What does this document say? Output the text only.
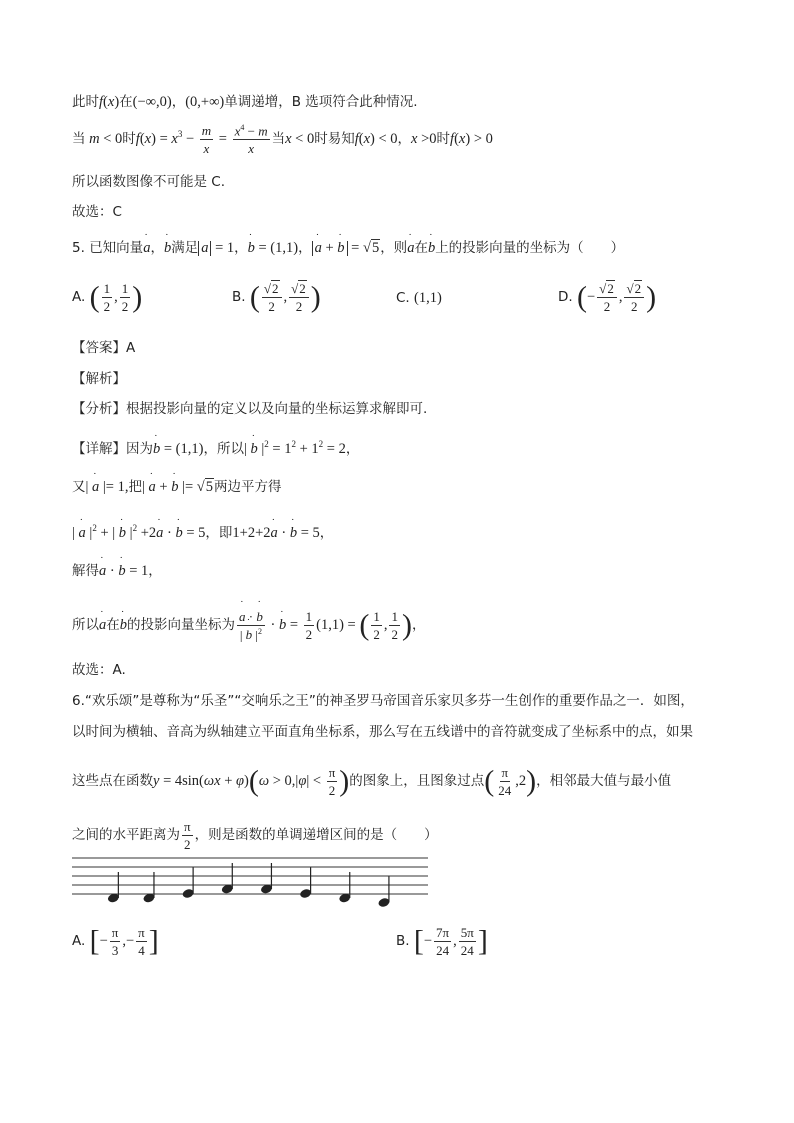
此时f(x)在(−∞,0)，(0,+∞)单调递增，B 选项符合此种情况.
当 m < 0时$f(x) = x^3 - \frac{m}{x} = \frac{x^4 - m}{x}$ 当x < 0时易知f(x) < 0，x >0时f(x) > 0
所以函数图像不可能是 C.
故选：C
5. 已知向量˙ a，˙ b满足 a = 1，˙ b = (1,1)， ˙ a + ˙ b = √5，则˙ a在˙ b上的投影向量的坐标为（　　）
A. ( $\frac{1}{2}$ , $\frac{1}{2}$ )	B. ( $\frac{√2}{2}$ , $\frac{√2}{2}$ )	C. (1,1)	D. (− $\frac{√2}{2}$ , $\frac{√2}{2}$ )
【答案】A
【解析】
【分析】根据投影向量的定义以及向量的坐标运算求解即可.
【详解】因为˙ b = (1,1)，所以| ˙ b $|^2 = 1^2 + 1^2 = 2$，
又| ˙ a |= 1,把| ˙ a + ˙ b |= √5两边平方得
| ˙ a $|^2$ + | ˙ b $|^2$ +2˙ a · ˙ b = 5，即1+2+2˙ a · ˙ b = 5，
解得˙ a · ˙ b = 1，
所以˙ a在˙ b的投影向量坐标为 ˙ $\frac{a \cdot ˙ b}{| ˙ b |^2}$ · ˙ $b = \frac{1}{2} (1,1)$ = ( $\frac{1}{2}$ , $\frac{1}{2}$ )，
故选：A.
6.“欢乐颂”是尊称为“乐圣”“交响乐之王”的神圣罗马帝国音乐家贝多芬一生创作的重要作品之一．如图，
以时间为横轴、音高为纵轴建立平面直角坐标系，那么写在五线谱中的音符就变成了坐标系中的点，如果
这些点在函数$y = 4\sin(\omega x + \varphi)(\omega > 0,|\varphi| < \frac{\pi}{2}$ )的图象上，且图象过点( $\frac{\pi}{24} ,2$)，相邻最大值与最小值
之间的水平距离为 $\frac{\pi}{2}$ ，则是函数的单调递增区间的是（　　）
A. [− $\frac{\pi}{3}$ ,− $\frac{\pi}{4}$ ]	B. [− $\frac{7\pi}{24}$ , $\frac{5\pi}{24}$ ]
